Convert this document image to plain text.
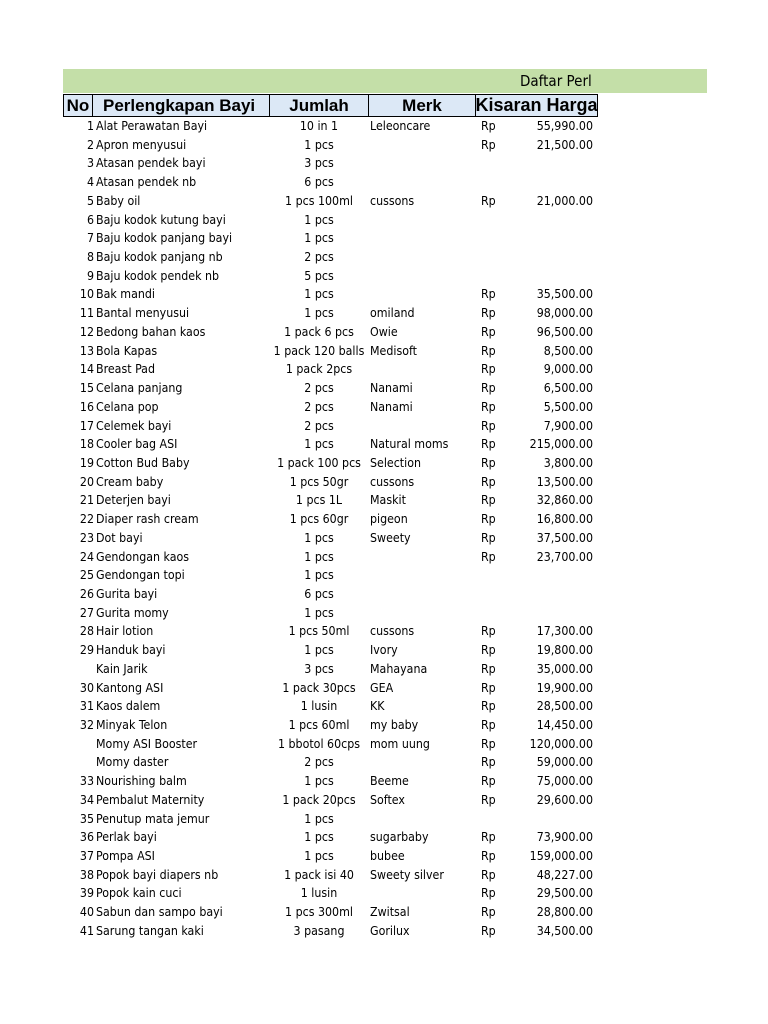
Daftar Perl
No Perlengkapan Bayi	Jumlah	Merk	Kisaran Harga
1 Alat Perawatan Bayi	10 in 1	Leleoncare	Rp	55,990.00
2 Apron menyusui	1 pcs	Rp	21,500.00
3 Atasan pendek bayi	3 pcs
4 Atasan pendek nb	6 pcs
5 Baby oil	1 pcs 100ml	cussons	Rp	21,000.00
6 Baju kodok kutung bayi	1 pcs
7 Baju kodok panjang bayi	1 pcs
8 Baju kodok panjang nb	2 pcs
9 Baju kodok pendek nb	5 pcs
10 Bak mandi	1 pcs	Rp	35,500.00
11 Bantal menyusui	1 pcs	omiland	Rp	98,000.00
12 Bedong bahan kaos	1 pack 6 pcs	Owie	Rp	96,500.00
13 Bola Kapas	1 pack 120 balls Medisoft	Rp	8,500.00
14 Breast Pad	1 pack 2pcs	Rp	9,000.00
15 Celana panjang	2 pcs	Nanami	Rp	6,500.00
16 Celana pop	2 pcs	Nanami	Rp	5,500.00
17 Celemek bayi	2 pcs	Rp	7,900.00
18 Cooler bag ASI	1 pcs	Natural moms	Rp	215,000.00
19 Cotton Bud Baby	1 pack 100 pcs Selection	Rp	3,800.00
20 Cream baby	1 pcs 50gr	cussons	Rp	13,500.00
21 Deterjen bayi	1 pcs 1L	Maskit	Rp	32,860.00
22 Diaper rash cream	1 pcs 60gr	pigeon	Rp	16,800.00
23 Dot bayi	1 pcs	Sweety	Rp	37,500.00
24 Gendongan kaos	1 pcs	Rp	23,700.00
25 Gendongan topi	1 pcs
26 Gurita bayi	6 pcs
27 Gurita momy	1 pcs
28 Hair lotion	1 pcs 50ml	cussons	Rp	17,300.00
29 Handuk bayi	1 pcs	Ivory	Rp	19,800.00
Kain Jarik	3 pcs	Mahayana	Rp	35,000.00
30 Kantong ASI	1 pack 30pcs	GEA	Rp	19,900.00
31 Kaos dalem	1 lusin	KK	Rp	28,500.00
32 Minyak Telon	1 pcs 60ml	my baby	Rp	14,450.00
Momy ASI Booster	1 bbotol 60cps mom uung	Rp	120,000.00
Momy daster	2 pcs	Rp	59,000.00
33 Nourishing balm	1 pcs	Beeme	Rp	75,000.00
34 Pembalut Maternity	1 pack 20pcs	Softex	Rp	29,600.00
35 Penutup mata jemur	1 pcs
36 Perlak bayi	1 pcs	sugarbaby	Rp	73,900.00
37 Pompa ASI	1 pcs	bubee	Rp	159,000.00
38 Popok bayi diapers nb	1 pack isi 40	Sweety silver	Rp	48,227.00
39 Popok kain cuci	1 lusin	Rp	29,500.00
40 Sabun dan sampo bayi	1 pcs 300ml	Zwitsal	Rp	28,800.00
41 Sarung tangan kaki	3 pasang	Gorilux	Rp	34,500.00
